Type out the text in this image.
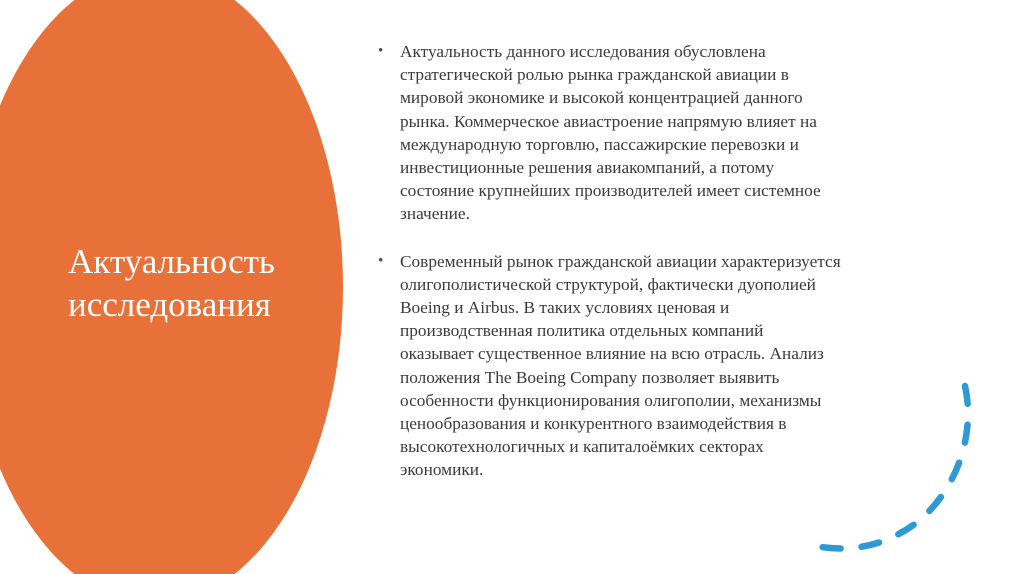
Актуальность исследования
• Актуальность данного исследования обусловлена
стратегической ролью рынка гражданской авиации в
мировой экономике и высокой концентрацией данного
рынка. Коммерческое авиастроение напрямую влияет на
международную торговлю, пассажирские перевозки и
инвестиционные решения авиакомпаний, а потому
состояние крупнейших производителей имеет системное
значение.
• Современный рынок гражданской авиации характеризуется
олигополистической структурой, фактически дуополией
Boeing и Airbus. В таких условиях ценовая и
производственная политика отдельных компаний
оказывает существенное влияние на всю отрасль. Анализ
положения The Boeing Company позволяет выявить
особенности функционирования олигополии, механизмы
ценообразования и конкурентного взаимодействия в
высокотехнологичных и капиталоёмких секторах
экономики.
